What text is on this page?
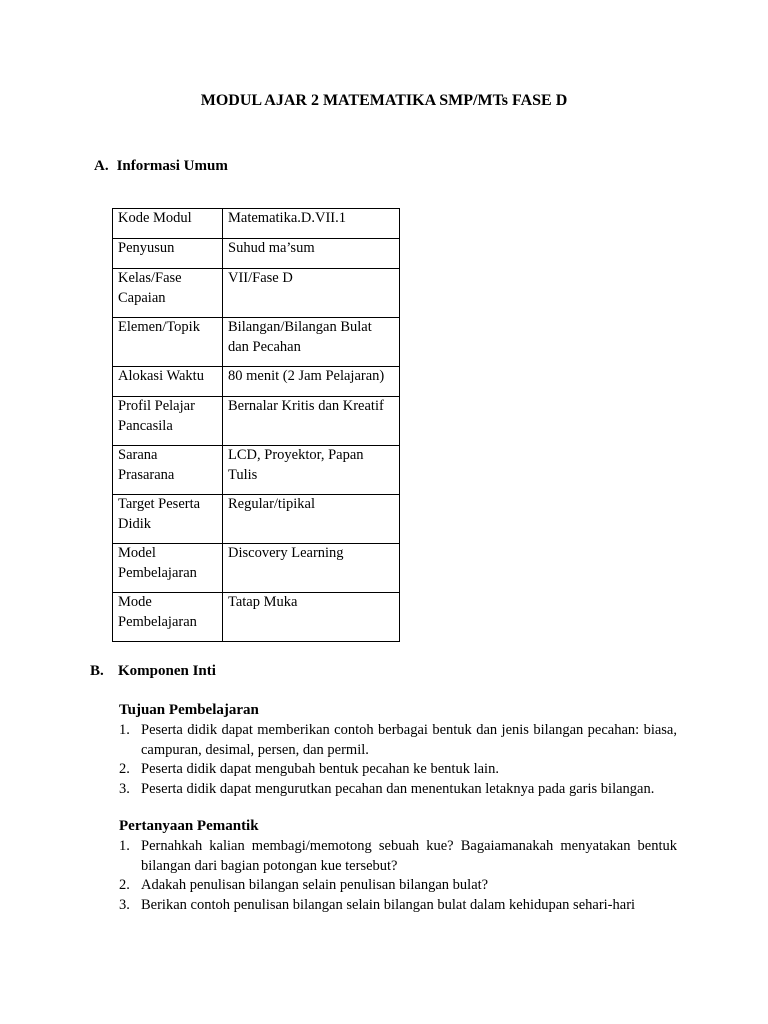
MODUL AJAR 2 MATEMATIKA SMP/MTs FASE D
A. Informasi Umum
Kode Modul	Matematika.D.VII.1
Penyusun	Suhud ma’sum
Kelas/Fase Capaian	VII/Fase D
Elemen/Topik	Bilangan/Bilangan Bulat dan Pecahan
Alokasi Waktu	80 menit (2 Jam Pelajaran)
Profil Pelajar Pancasila	Bernalar Kritis dan Kreatif
Sarana Prasarana	LCD, Proyektor, Papan Tulis
Target Peserta Didik	Regular/tipikal
Model Pembelajaran	Discovery Learning
Mode Pembelajaran	Tatap Muka
B. Komponen Inti
Tujuan Pembelajaran
1. Peserta didik dapat memberikan contoh berbagai bentuk dan jenis bilangan pecahan: biasa, campuran, desimal, persen, dan permil.
2. Peserta didik dapat mengubah bentuk pecahan ke bentuk lain.
3. Peserta didik dapat mengurutkan pecahan dan menentukan letaknya pada garis bilangan.
Pertanyaan Pemantik
1. Pernahkah kalian membagi/memotong sebuah kue? Bagaiamanakah menyatakan bentuk bilangan dari bagian potongan kue tersebut?
2. Adakah penulisan bilangan selain penulisan bilangan bulat?
3. Berikan contoh penulisan bilangan selain bilangan bulat dalam kehidupan sehari-hari
